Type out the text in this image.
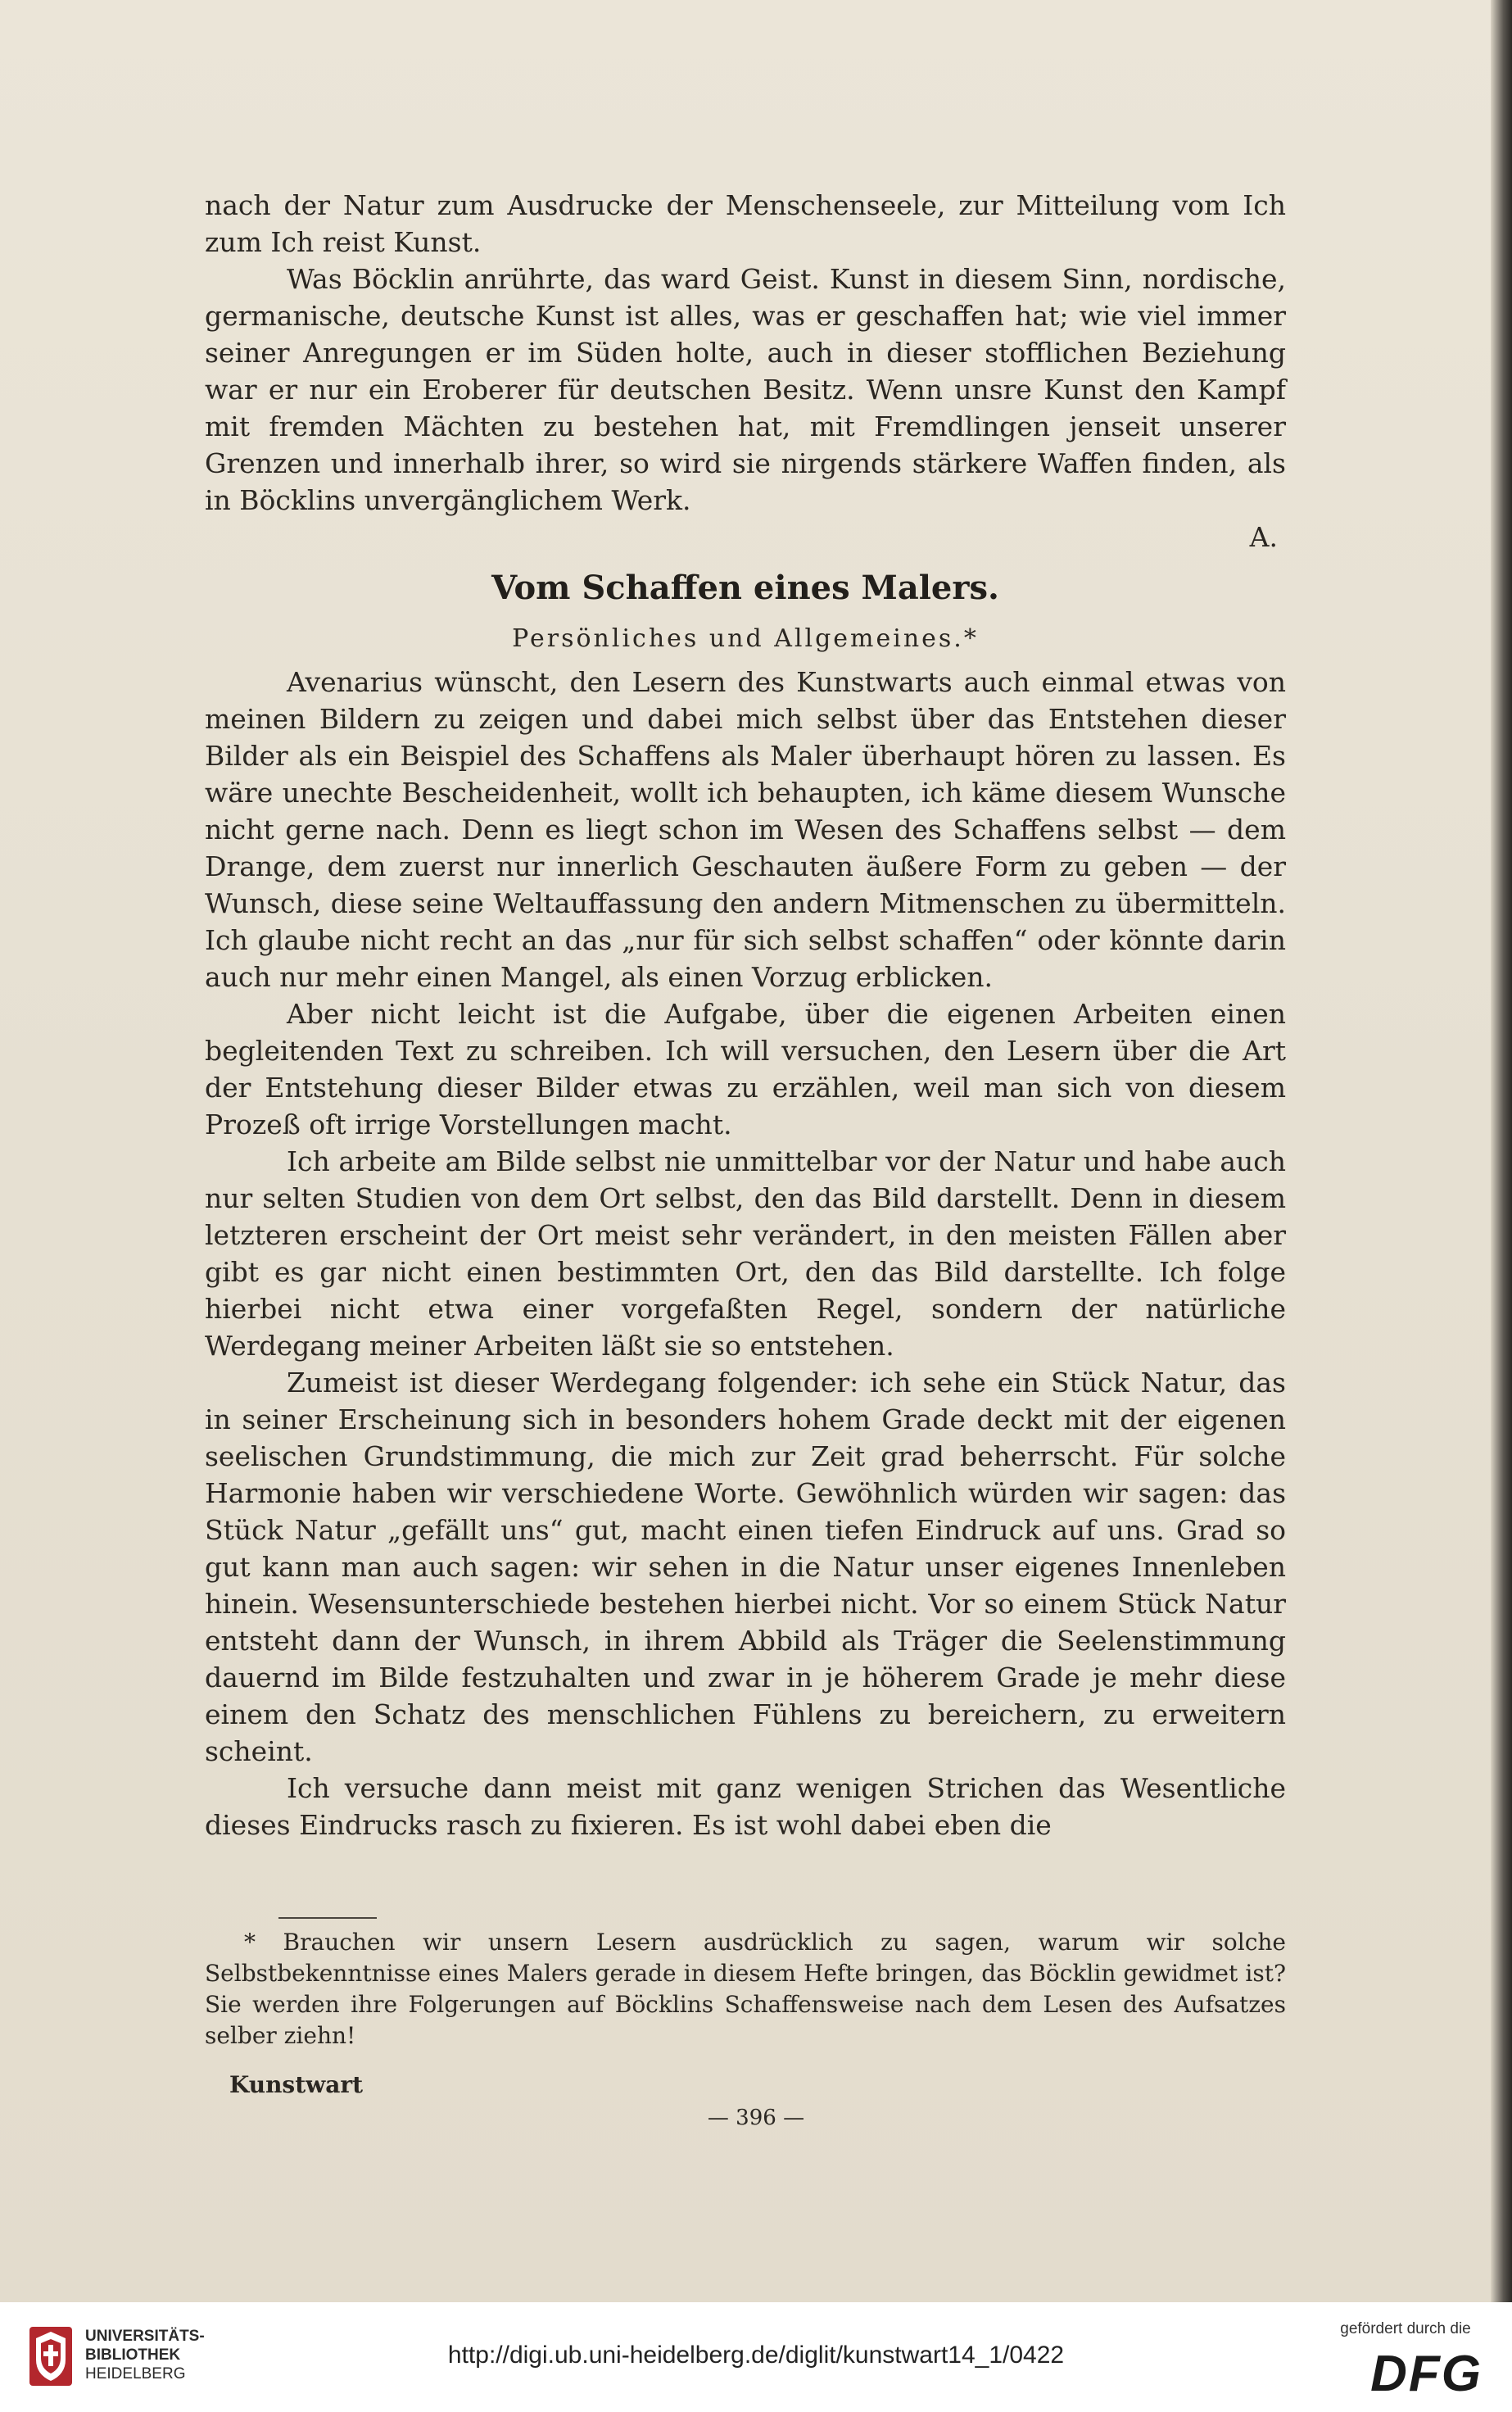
nach der Natur zum Ausdrucke der Menschenseele, zur Mitteilung vom Ich zum Ich reist Kunst.

Was Böcklin anrührte, das ward Geist. Kunst in diesem Sinn, nordische, germanische, deutsche Kunst ist alles, was er geschaffen hat; wie viel immer seiner Anregungen er im Süden holte, auch in dieser stofflichen Beziehung war er nur ein Eroberer für deutschen Besitz. Wenn unsre Kunst den Kampf mit fremden Mächten zu bestehen hat, mit Fremdlingen jenseit unserer Grenzen und innerhalb ihrer, so wird sie nirgends stärkere Waffen finden, als in Böcklins unvergänglichem Werk.

A.

Vom Schaffen eines Malers.
Persönliches und Allgemeines.*

Avenarius wünscht, den Lesern des Kunstwarts auch einmal etwas von meinen Bildern zu zeigen und dabei mich selbst über das Entstehen dieser Bilder als ein Beispiel des Schaffens als Maler überhaupt hören zu lassen. Es wäre unechte Bescheidenheit, wollt ich behaupten, ich käme diesem Wunsche nicht gerne nach. Denn es liegt schon im Wesen des Schaffens selbst — dem Drange, dem zuerst nur innerlich Geschauten äußere Form zu geben — der Wunsch, diese seine Weltauffassung den andern Mitmenschen zu übermitteln. Ich glaube nicht recht an das „nur für sich selbst schaffen“ oder könnte darin auch nur mehr einen Mangel, als einen Vorzug erblicken.

Aber nicht leicht ist die Aufgabe, über die eigenen Arbeiten einen begleitenden Text zu schreiben. Ich will versuchen, den Lesern über die Art der Entstehung dieser Bilder etwas zu erzählen, weil man sich von diesem Prozeß oft irrige Vorstellungen macht.

Ich arbeite am Bilde selbst nie unmittelbar vor der Natur und habe auch nur selten Studien von dem Ort selbst, den das Bild darstellt. Denn in diesem letzteren erscheint der Ort meist sehr verändert, in den meisten Fällen aber gibt es gar nicht einen bestimmten Ort, den das Bild darstellte. Ich folge hierbei nicht etwa einer vorgefaßten Regel, sondern der natürliche Werdegang meiner Arbeiten läßt sie so entstehen.

Zumeist ist dieser Werdegang folgender: ich sehe ein Stück Natur, das in seiner Erscheinung sich in besonders hohem Grade deckt mit der eigenen seelischen Grundstimmung, die mich zur Zeit grad beherrscht. Für solche Harmonie haben wir verschiedene Worte. Gewöhnlich würden wir sagen: das Stück Natur „gefällt uns“ gut, macht einen tiefen Eindruck auf uns. Grad so gut kann man auch sagen: wir sehen in die Natur unser eigenes Innenleben hinein. Wesensunterschiede bestehen hierbei nicht. Vor so einem Stück Natur entsteht dann der Wunsch, in ihrem Abbild als Träger die Seelenstimmung dauernd im Bilde festzuhalten und zwar in je höherem Grade je mehr diese einem den Schatz des menschlichen Fühlens zu bereichern, zu erweitern scheint.

Ich versuche dann meist mit ganz wenigen Strichen das Wesentliche dieses Eindrucks rasch zu fixieren. Es ist wohl dabei eben die

* Brauchen wir unsern Lesern ausdrücklich zu sagen, warum wir solche Selbstbekenntnisse eines Malers gerade in diesem Hefte bringen, das Böcklin gewidmet ist? Sie werden ihre Folgerungen auf Böcklins Schaffensweise nach dem Lesen des Aufsatzes selber ziehn!

Kunstwart
— 396 —
UNIVERSITÄTS-
BIBLIOTHEK
HEIDELBERG
http://digi.ub.uni-heidelberg.de/diglit/kunstwart14_1/0422
gefördert durch die
DFG
